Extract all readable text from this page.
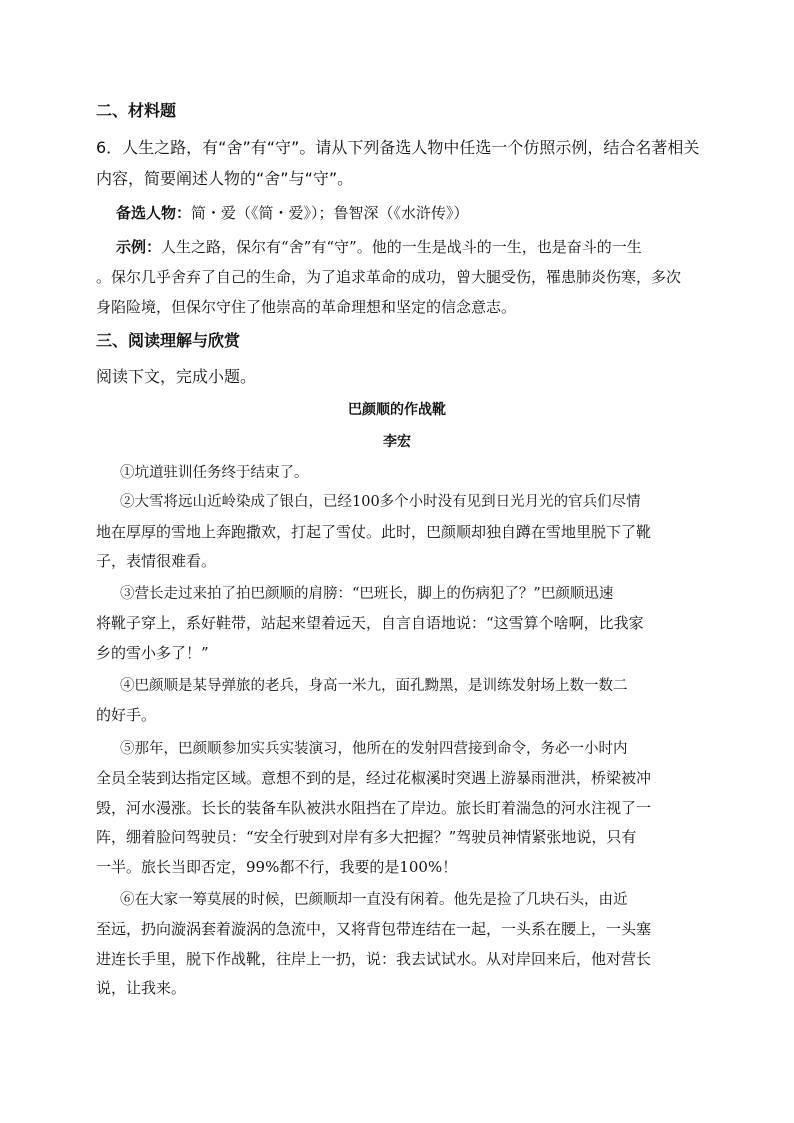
二、材料题
6．人生之路，有“舍”有“守”。请从下列备选人物中任选一个仿照示例，结合名著相关
内容，简要阐述人物的“舍”与“守”。
备选人物：简・爱（《简・爱》）；鲁智深（《水浒传》）
示例：人生之路，保尔有“舍”有“守”。他的一生是战斗的一生，也是奋斗的一生
。保尔几乎舍弃了自己的生命，为了追求革命的成功，曾大腿受伤，罹患肺炎伤寒，多次
身陷险境，但保尔守住了他崇高的革命理想和坚定的信念意志。
三、阅读理解与欣赏
阅读下文，完成小题。
巴颜顺的作战靴
李宏
①坑道驻训任务终于结束了。
②大雪将远山近岭染成了银白，已经100多个小时没有见到日光月光的官兵们尽情
地在厚厚的雪地上奔跑撒欢，打起了雪仗。此时，巴颜顺却独自蹲在雪地里脱下了靴
子，表情很难看。
③营长走过来拍了拍巴颜顺的肩膀：“巴班长，脚上的伤病犯了？”巴颜顺迅速
将靴子穿上，系好鞋带，站起来望着远天，自言自语地说：“这雪算个啥啊，比我家
乡的雪小多了！”
④巴颜顺是某导弹旅的老兵，身高一米九，面孔黝黑，是训练发射场上数一数二
的好手。
⑤那年，巴颜顺参加实兵实装演习，他所在的发射四营接到命令，务必一小时内
全员全装到达指定区域。意想不到的是，经过花椒溪时突遇上游暴雨泄洪，桥梁被冲
毁，河水漫涨。长长的装备车队被洪水阻挡在了岸边。旅长盯着湍急的河水注视了一
阵，绷着脸问驾驶员：“安全行驶到对岸有多大把握？”驾驶员神情紧张地说，只有
一半。旅长当即否定，99%都不行，我要的是100%！
⑥在大家一筹莫展的时候，巴颜顺却一直没有闲着。他先是捡了几块石头，由近
至远，扔向漩涡套着漩涡的急流中，又将背包带连结在一起，一头系在腰上，一头塞
进连长手里，脱下作战靴，往岸上一扔，说：我去试试水。从对岸回来后，他对营长
说，让我来。
